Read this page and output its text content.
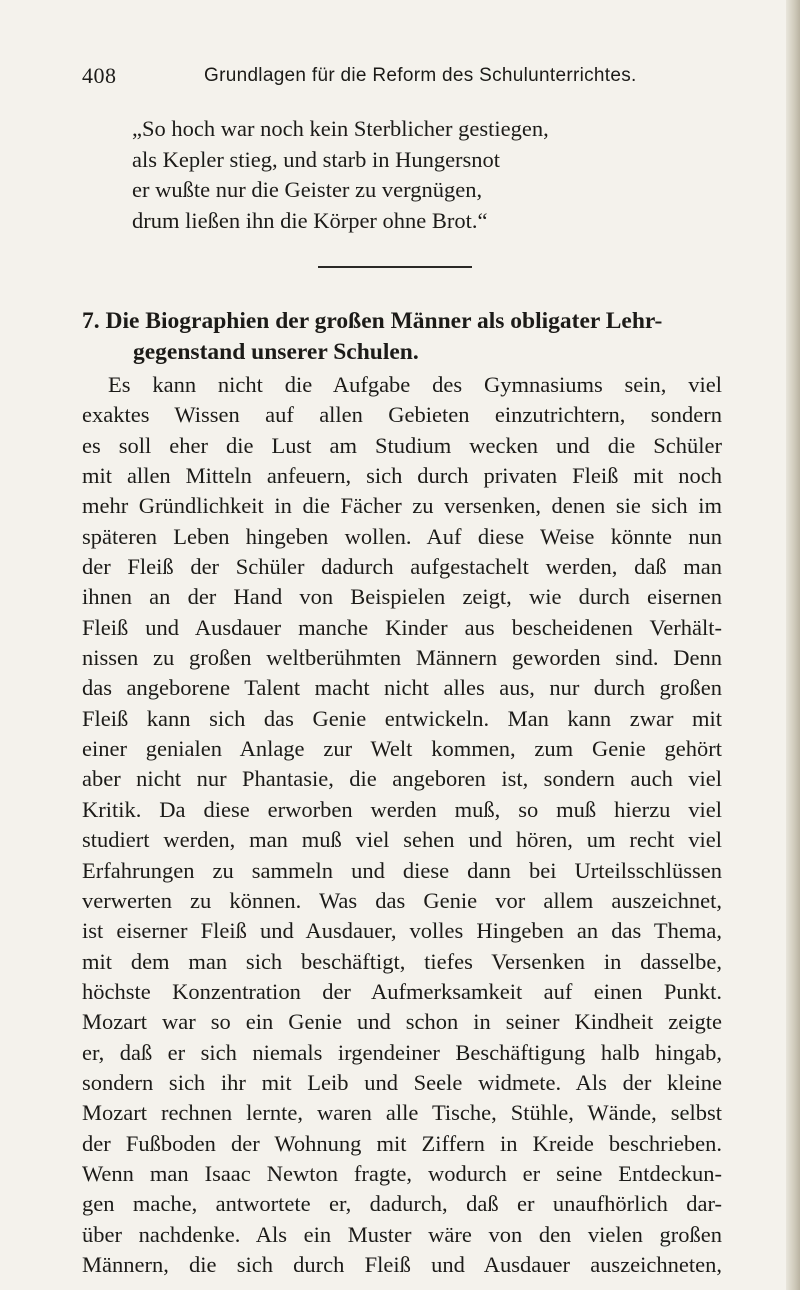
408	Grundlagen für die Reform des Schulunterrichtes.
„So hoch war noch kein Sterblicher gestiegen,
als Kepler stieg, und starb in Hungersnot
er wußte nur die Geister zu vergnügen,
drum ließen ihn die Körper ohne Brot.“
7. Die Biographien der großen Männer als obligater Lehr-
gegenstand unserer Schulen.
Es kann nicht die Aufgabe des Gymnasiums sein, viel
exaktes Wissen auf allen Gebieten einzutrichtern, sondern
es soll eher die Lust am Studium wecken und die Schüler
mit allen Mitteln anfeuern, sich durch privaten Fleiß mit noch
mehr Gründlichkeit in die Fächer zu versenken, denen sie sich im
späteren Leben hingeben wollen. Auf diese Weise könnte nun
der Fleiß der Schüler dadurch aufgestachelt werden, daß man
ihnen an der Hand von Beispielen zeigt, wie durch eisernen
Fleiß und Ausdauer manche Kinder aus bescheidenen Verhält-
nissen zu großen weltberühmten Männern geworden sind. Denn
das angeborene Talent macht nicht alles aus, nur durch großen
Fleiß kann sich das Genie entwickeln. Man kann zwar mit
einer genialen Anlage zur Welt kommen, zum Genie gehört
aber nicht nur Phantasie, die angeboren ist, sondern auch viel
Kritik. Da diese erworben werden muß, so muß hierzu viel
studiert werden, man muß viel sehen und hören, um recht viel
Erfahrungen zu sammeln und diese dann bei Urteilsschlüssen
verwerten zu können. Was das Genie vor allem auszeichnet,
ist eiserner Fleiß und Ausdauer, volles Hingeben an das Thema,
mit dem man sich beschäftigt, tiefes Versenken in dasselbe,
höchste Konzentration der Aufmerksamkeit auf einen Punkt.
Mozart war so ein Genie und schon in seiner Kindheit zeigte
er, daß er sich niemals irgendeiner Beschäftigung halb hingab,
sondern sich ihr mit Leib und Seele widmete. Als der kleine
Mozart rechnen lernte, waren alle Tische, Stühle, Wände, selbst
der Fußboden der Wohnung mit Ziffern in Kreide beschrieben.
Wenn man Isaac Newton fragte, wodurch er seine Entdeckun-
gen mache, antwortete er, dadurch, daß er unaufhörlich dar-
über nachdenke. Als ein Muster wäre von den vielen großen
Männern, die sich durch Fleiß und Ausdauer auszeichneten,
